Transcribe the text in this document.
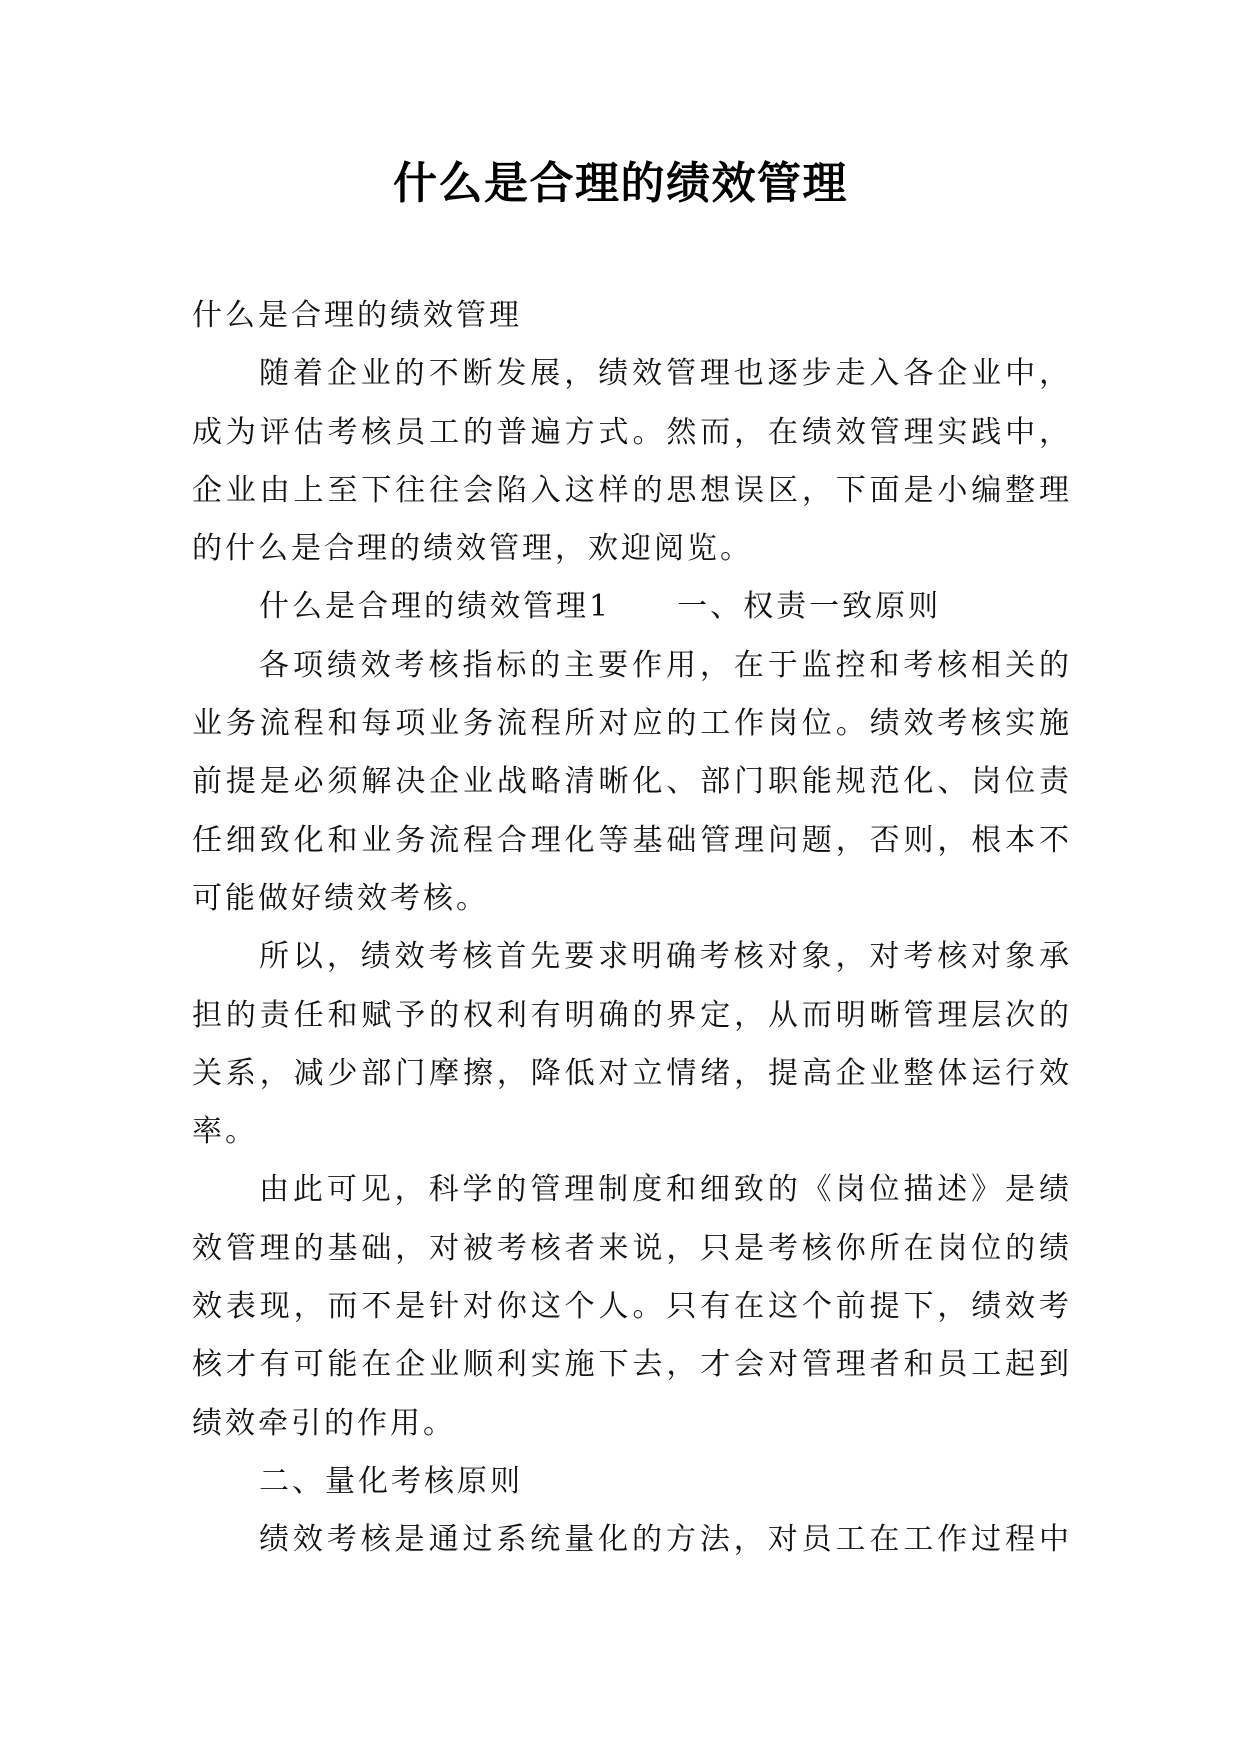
什么是合理的绩效管理
什么是合理的绩效管理
随着企业的不断发展，绩效管理也逐步走入各企业中，
成为评估考核员工的普遍方式。然而，在绩效管理实践中，
企业由上至下往往会陷入这样的思想误区，下面是小编整理
的什么是合理的绩效管理，欢迎阅览。
什么是合理的绩效管理1　　一、权责一致原则
各项绩效考核指标的主要作用，在于监控和考核相关的
业务流程和每项业务流程所对应的工作岗位。绩效考核实施
前提是必须解决企业战略清晰化、部门职能规范化、岗位责
任细致化和业务流程合理化等基础管理问题，否则，根本不
可能做好绩效考核。
所以，绩效考核首先要求明确考核对象，对考核对象承
担的责任和赋予的权利有明确的界定，从而明晰管理层次的
关系，减少部门摩擦，降低对立情绪，提高企业整体运行效
率。
由此可见，科学的管理制度和细致的《岗位描述》是绩
效管理的基础，对被考核者来说，只是考核你所在岗位的绩
效表现，而不是针对你这个人。只有在这个前提下，绩效考
核才有可能在企业顺利实施下去，才会对管理者和员工起到
绩效牵引的作用。
二、量化考核原则
绩效考核是通过系统量化的方法，对员工在工作过程中
